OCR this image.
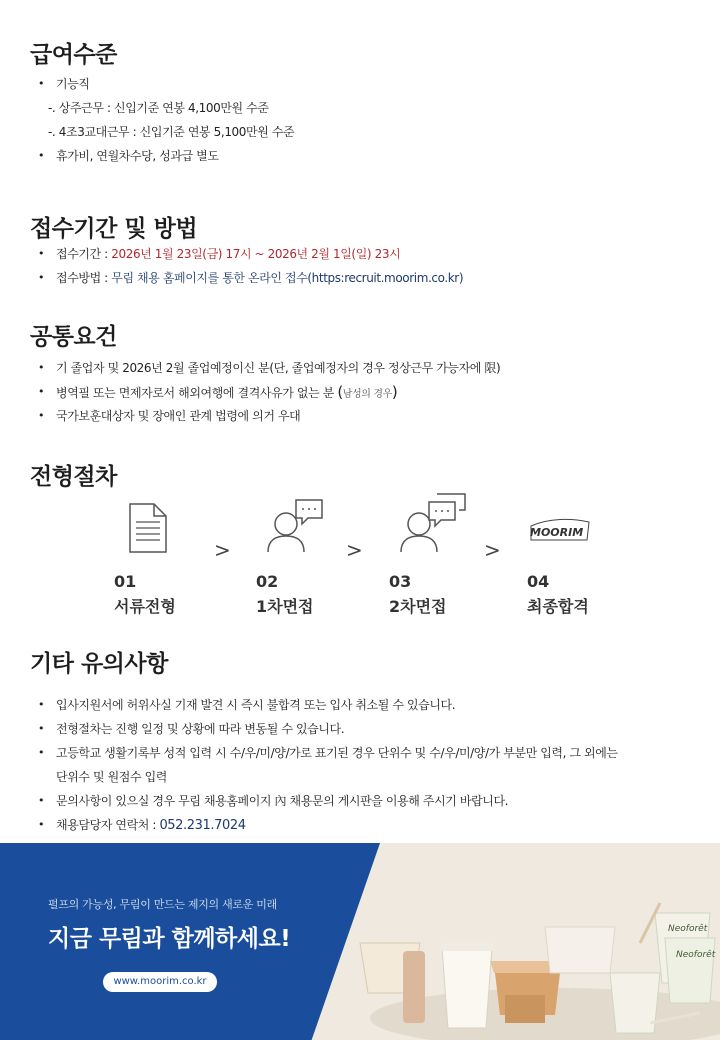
급여수준
• 기능직
-. 상주근무 : 신입기준 연봉 4,100만원 수준
-. 4조3교대근무 : 신입기준 연봉 5,100만원 수준
• 휴가비, 연월차수당, 성과급 별도
접수기간 및 방법
• 접수기간 : 2026년 1월 23일(금) 17시 ~ 2026년 2월 1일(일) 23시
• 접수방법 : 무림 채용 홈페이지를 통한 온라인 접수(https:recruit.moorim.co.kr)
공통요건
• 기 졸업자 및 2026년 2월 졸업예정이신 분(단, 졸업예정자의 경우 정상근무 가능자에 限)
• 병역필 또는 면제자로서 해외여행에 결격사유가 없는 분 (남성의 경우)
• 국가보훈대상자 및 장애인 관계 법령에 의거 우대
전형절차
01
서류전형
>
02
1차면접
>
03
2차면접
>
MOORIM
04
최종합격
기타 유의사항
• 입사지원서에 허위사실 기재 발견 시 즉시 불합격 또는 입사 취소될 수 있습니다.
• 전형절차는 진행 일정 및 상황에 따라 변동될 수 있습니다.
• 고등학교 생활기록부 성적 입력 시 수/우/미/양/가로 표기된 경우 단위수 및 수/우/미/양/가 부분만 입력, 그 외에는
단위수 및 원점수 입력
• 문의사항이 있으실 경우 무림 채용홈페이지 內 채용문의 게시판을 이용해 주시기 바랍니다.
• 채용담당자 연락처 : 052.231.7024
Neoforêt
Neoforêt
펄프의 가능성, 무림이 만드는 제지의 새로운 미래
지금 무림과 함께하세요!
www.moorim.co.kr
